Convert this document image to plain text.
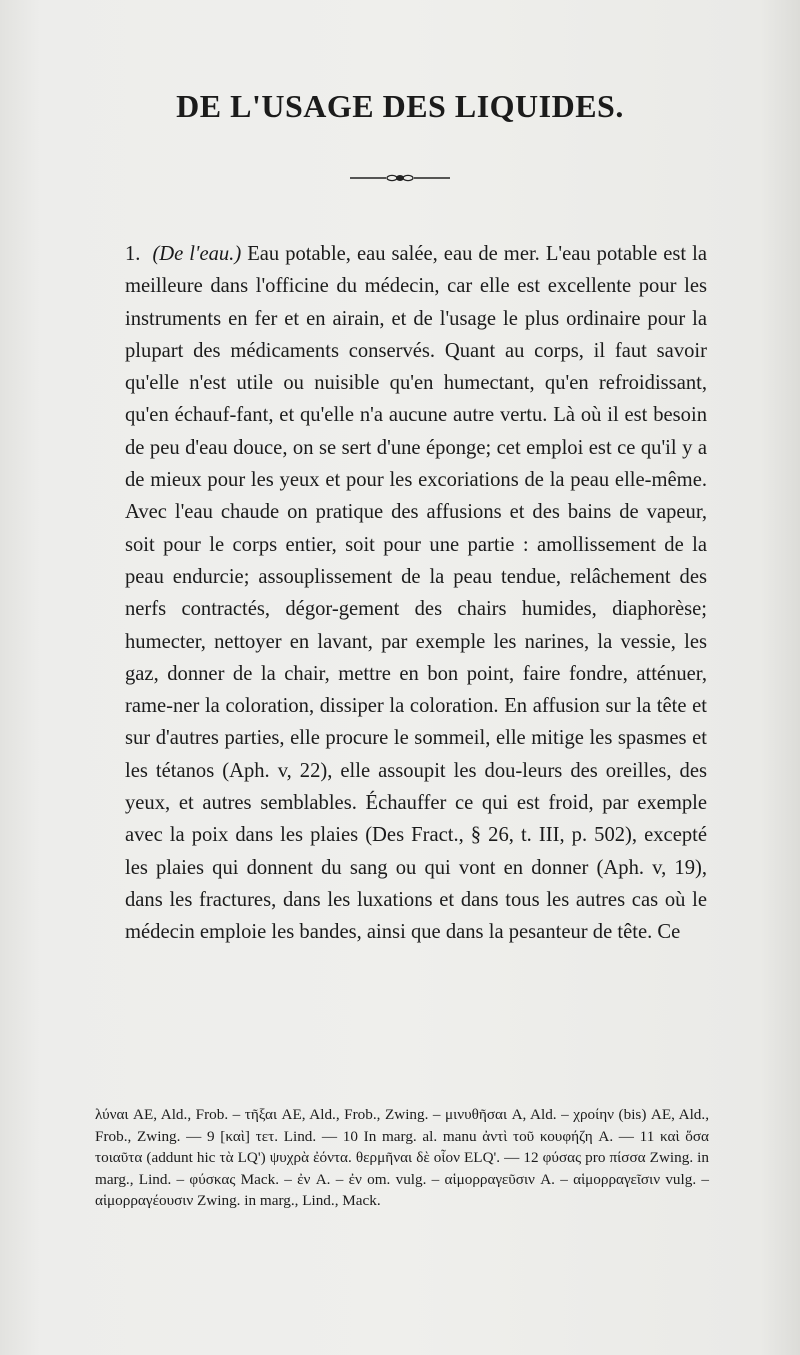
DE L'USAGE DES LIQUIDES.

1. (De l'eau.) Eau potable, eau salée, eau de mer. L'eau potable est la meilleure dans l'officine du médecin, car elle est excellente pour les instruments en fer et en airain, et de l'usage le plus ordinaire pour la plupart des médicaments conservés. Quant au corps, il faut savoir qu'elle n'est utile ou nuisible qu'en humectant, qu'en refroidissant, qu'en échauf-fant, et qu'elle n'a aucune autre vertu. Là où il est besoin de peu d'eau douce, on se sert d'une éponge; cet emploi est ce qu'il y a de mieux pour les yeux et pour les excoriations de la peau elle-même. Avec l'eau chaude on pratique des affusions et des bains de vapeur, soit pour le corps entier, soit pour une partie : amollissement de la peau endurcie; assouplissement de la peau tendue, relâchement des nerfs contractés, dégor-gement des chairs humides, diaphorèse; humecter, nettoyer en lavant, par exemple les narines, la vessie, les gaz, donner de la chair, mettre en bon point, faire fondre, atténuer, rame-ner la coloration, dissiper la coloration. En affusion sur la tête et sur d'autres parties, elle procure le sommeil, elle mitige les spasmes et les tétanos (Aph. v, 22), elle assoupit les dou-leurs des oreilles, des yeux, et autres semblables. Échauffer ce qui est froid, par exemple avec la poix dans les plaies (Des Fract., § 26, t. III, p. 502), excepté les plaies qui donnent du sang ou qui vont en donner (Aph. v, 19), dans les fractures, dans les luxations et dans tous les autres cas où le médecin emploie les bandes, ainsi que dans la pesanteur de tête. Ce

λύναι AE, Ald., Frob. – τῆξαι AE, Ald., Frob., Zwing. – μινυθῆσαι A, Ald. – χροίην (bis) AE, Ald., Frob., Zwing. — 9 [καὶ] τετ. Lind. — 10 In marg. al. manu ἀντὶ τοῦ κουφήζη A. — 11 καὶ ὅσα τοιαῦτα (addunt hic τὰ LQ') ψυχρὰ ἐόντα. θερμῆναι δὲ οἷον ELQ'. — 12 φύσας pro πίσσα Zwing. in marg., Lind. – φύσκας Mack. – ἐν A. – ἐν om. vulg. – αἱμορραγεῦσιν A. – αἱμορραγεῖσιν vulg. – αἱμορραγέουσιν Zwing. in marg., Lind., Mack.
